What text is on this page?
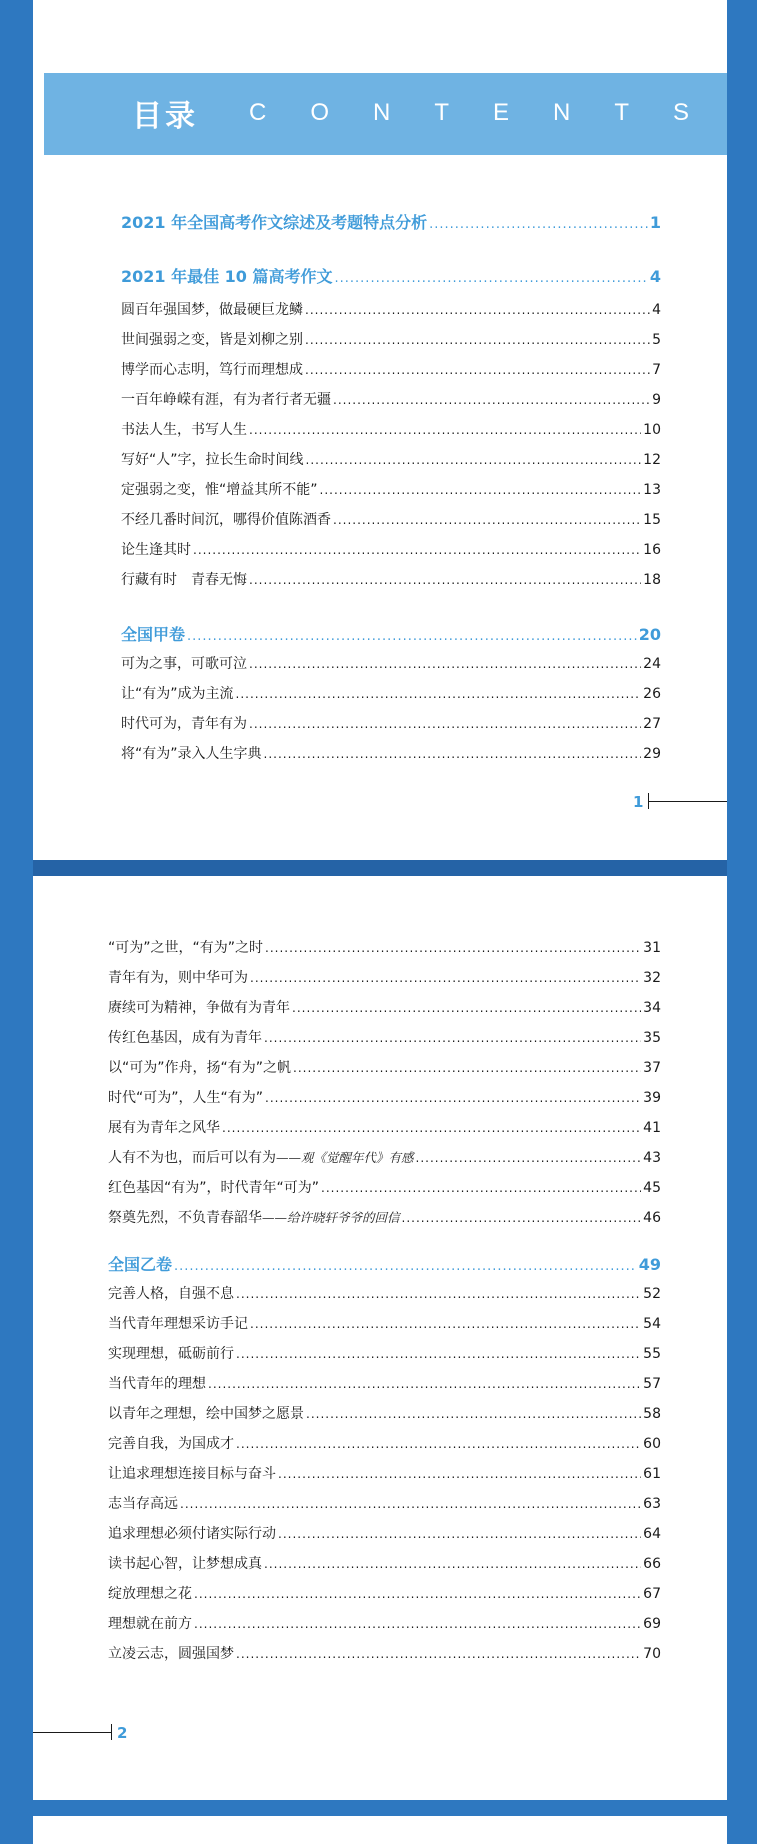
目录 CONTENTS
2021 年全国高考作文综述及考题特点分析 .....	1
2021 年最佳 10 篇高考作文 .....	4
圆百年强国梦，做最硬巨龙鳞 .....	4
世间强弱之变，皆是刘柳之别 .....	5
博学而心志明，笃行而理想成 .....	7
一百年峥嵘有涯，有为者行者无疆 .....	9
书法人生，书写人生 .....	10
写好“人”字，拉长生命时间线 .....	12
定强弱之变，惟“增益其所不能” .....	13
不经几番时间沉，哪得价值陈酒香 .....	15
论生逢其时 .....	16
行藏有时　青春无悔 .....	18
全国甲卷 .....	20
可为之事，可歌可泣 .....	24
让“有为”成为主流 .....	26
时代可为，青年有为 .....	27
将“有为”录入人生字典 .....	29
1
“可为”之世，“有为”之时 .....	31
青年有为，则中华可为 .....	32
赓续可为精神，争做有为青年 .....	34
传红色基因，成有为青年 .....	35
以“可为”作舟，扬“有为”之帆 .....	37
时代“可为”，人生“有为” .....	39
展有为青年之风华 .....	41
人有不为也，而后可以有为 ——观《觉醒年代》有感 .....	43
红色基因“有为”，时代青年“可为” .....	45
祭奠先烈，不负青春韶华 ——给许晓轩爷爷的回信 .....	46
全国乙卷 .....	49
完善人格，自强不息 .....	52
当代青年理想采访手记 .....	54
实现理想，砥砺前行 .....	55
当代青年的理想 .....	57
以青年之理想，绘中国梦之愿景 .....	58
完善自我，为国成才 .....	60
让追求理想连接目标与奋斗 .....	61
志当存高远 .....	63
追求理想必须付诸实际行动 .....	64
读书起心智，让梦想成真 .....	66
绽放理想之花 .....	67
理想就在前方 .....	69
立凌云志，圆强国梦 .....	70
2
